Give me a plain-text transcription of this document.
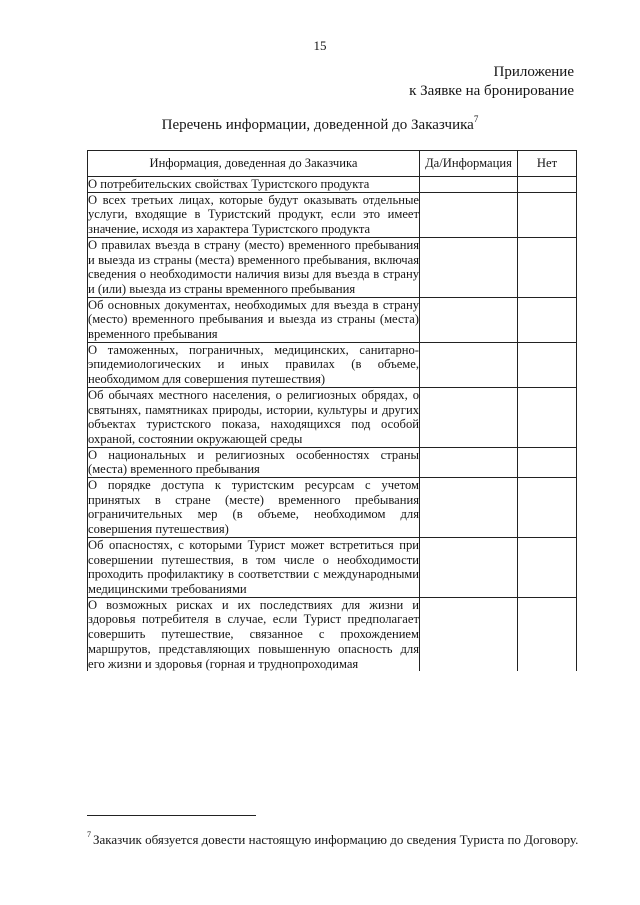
15
Приложение
к Заявке на бронирование
Перечень информации, доведенной до Заказчика$^7$
Информация, доведенная до Заказчика	Да/Информация	Нет
О потребительских свойствах Туристского продукта		
О всех третьих лицах, которые будут оказывать отдельные услуги, входящие в Туристский продукт, если это имеет значение, исходя из характера Туристского продукта		
О правилах въезда в страну (место) временного пребывания и выезда из страны (места) временного пребывания, включая сведения о необходимости наличия визы для въезда в страну и (или) выезда из страны временного пребывания		
Об основных документах, необходимых для въезда в страну (место) временного пребывания и выезда из страны (места) временного пребывания		
О таможенных, пограничных, медицинских, санитарно-эпидемиологических и иных правилах (в объеме, необходимом для совершения путешествия)		
Об обычаях местного населения, о религиозных обрядах, о святынях, памятниках природы, истории, культуры и других объектах туристского показа, находящихся под особой охраной, состоянии окружающей среды		
О национальных и религиозных особенностях страны (места) временного пребывания		
О порядке доступа к туристским ресурсам с учетом принятых в стране (месте) временного пребывания ограничительных мер (в объеме, необходимом для совершения путешествия)		
Об опасностях, с которыми Турист может встретиться при совершении путешествия, в том числе о необходимости проходить профилактику в соответствии с международными медицинскими требованиями		
О возможных рисках и их последствиях для жизни и здоровья потребителя в случае, если Турист предполагает совершить путешествие, связанное с прохождением маршрутов, представляющих повышенную опасность для его жизни и здоровья (горная и труднопроходимая		
$^7$ Заказчик обязуется довести настоящую информацию до сведения Туриста по Договору.
